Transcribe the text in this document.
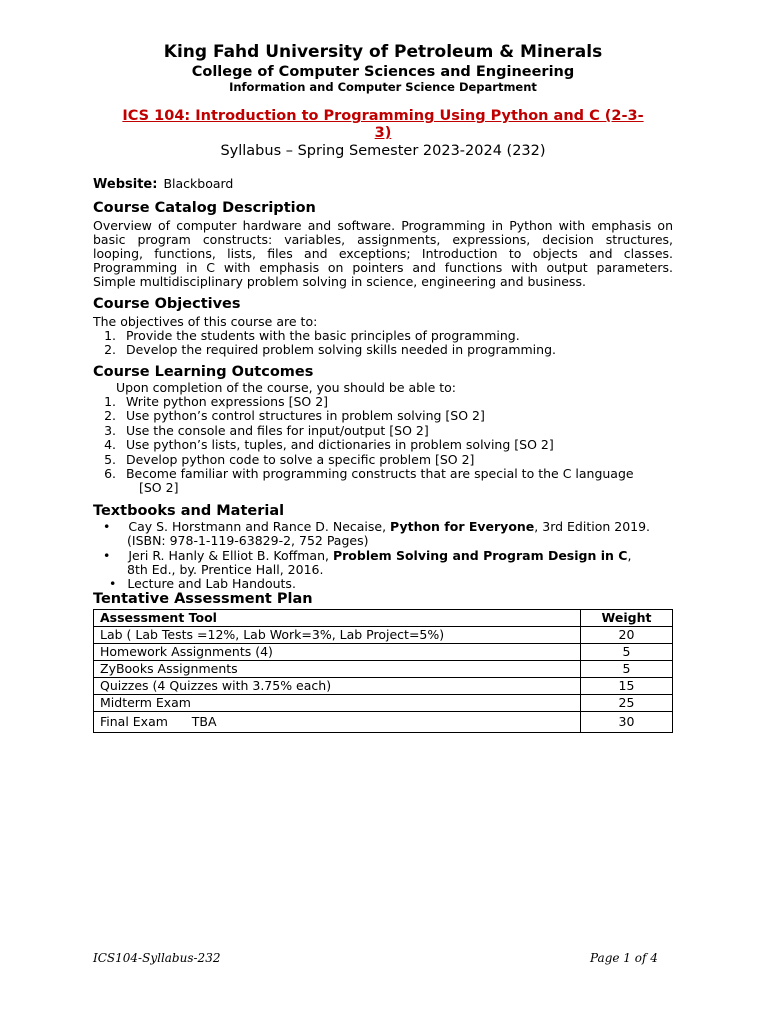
King Fahd University of Petroleum & Minerals
College of Computer Sciences and Engineering
Information and Computer Science Department
ICS 104: Introduction to Programming Using Python and C (2-3-
3)
Syllabus – Spring Semester 2023-2024 (232)
Website: Blackboard
Course Catalog Description
Overview of computer hardware and software. Programming in Python with emphasis on
basic program constructs: variables, assignments, expressions, decision structures,
looping, functions, lists, files and exceptions; Introduction to objects and classes.
Programming in C with emphasis on pointers and functions with output parameters.
Simple multidisciplinary problem solving in science, engineering and business.
Course Objectives
The objectives of this course are to:
1. Provide the students with the basic principles of programming.
2. Develop the required problem solving skills needed in programming.
Course Learning Outcomes
Upon completion of the course, you should be able to:
1. Write python expressions [SO 2]
2. Use python’s control structures in problem solving [SO 2]
3. Use the console and files for input/output [SO 2]
4. Use python’s lists, tuples, and dictionaries in problem solving [SO 2]
5. Develop python code to solve a specific problem [SO 2]
6. Become familiar with programming constructs that are special to the C language
[SO 2]
Textbooks and Material
• Cay S. Horstmann and Rance D. Necaise, Python for Everyone, 3rd Edition 2019.
(ISBN: 978-1-119-63829-2, 752 Pages)
• Jeri R. Hanly & Elliot B. Koffman, Problem Solving and Program Design in C,
8th Ed., by. Prentice Hall, 2016.
• Lecture and Lab Handouts.
Tentative Assessment Plan
Assessment Tool	Weight
Lab ( Lab Tests =12%, Lab Work=3%, Lab Project=5%)	20
Homework Assignments (4)	5
ZyBooks Assignments	5
Quizzes (4 Quizzes with 3.75% each)	15
Midterm Exam	25
Final Exam      TBA	30
ICS104-Syllabus-232	Page 1 of 4
